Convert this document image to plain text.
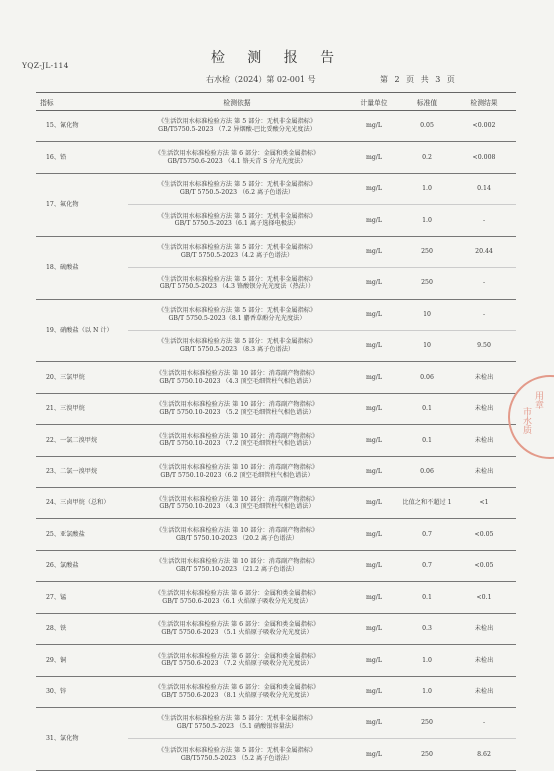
YQZ-JL-114	检 测 报 告
右水检（2024）第 02-001 号	第 2 页 共 3 页
指标	检测依据	计量单位	标准值	检测结果
15、氰化物	《生活饮用水标准检验方法 第 5 部分：无机非金属指标》
GB/T5750.5-2023 （7.2 异烟酸-巴比妥酸分光光度法）	mg/L	0.05	<0.002
16、铅	《生活饮用水标准检验方法 第 6 部分：金属和类金属指标》
GB/T5750.6-2023 （4.1 铬天青 S 分光光度法）	mg/L	0.2	<0.008
17、氟化物	《生活饮用水标准检验方法 第 5 部分：无机非金属指标》
GB/T 5750.5-2023 （6.2 离子色谱法）	mg/L	1.0	0.14

	《生活饮用水标准检验方法 第 5 部分：无机非金属指标》
GB/T 5750.5-2023（6.1 离子选择电极法）	mg/L	1.0	-
18、硫酸盐	《生活饮用水标准检验方法 第 5 部分：无机非金属指标》
GB/T 5750.5-2023（4.2 离子色谱法）	mg/L	250	20.44

	《生活饮用水标准检验方法 第 5 部分：无机非金属指标》
GB/T 5750.5-2023 （4.3 铬酸钡分光光度法（热法））	mg/L	250	-
19、硝酸盐（以 N 计）	《生活饮用水标准检验方法 第 5 部分：无机非金属指标》
GB/T 5750.5-2023（8.1 麝香草酚分光光度法）	mg/L	10	-

	《生活饮用水标准检验方法 第 5 部分：无机非金属指标》
GB/T 5750.5-2023 （8.3 离子色谱法）	mg/L	10	9.50
20、三氯甲烷	《生活饮用水标准检验方法 第 10 部分：消毒副产物指标》
GB/T 5750.10-2023 （4.3 顶空毛细管柱气相色谱法）	mg/L	0.06	未检出
21、三溴甲烷	《生活饮用水标准检验方法 第 10 部分：消毒副产物指标》
GB/T 5750.10-2023 （5.2 顶空毛细管柱气相色谱法）	mg/L	0.1	未检出
22、一氯二溴甲烷	《生活饮用水标准检验方法 第 10 部分：消毒副产物指标》
GB/T 5750.10-2023 （7.2 顶空毛细管柱气相色谱法）	mg/L	0.1	未检出
23、二氯一溴甲烷	《生活饮用水标准检验方法 第 10 部分：消毒副产物指标》
GB/T 5750.10-2023（6.2 顶空毛细管柱气相色谱法）	mg/L	0.06	未检出
24、三卤甲烷（总和）	《生活饮用水标准检验方法 第 10 部分：消毒副产物指标》
GB/T 5750.10-2023 （4.3 顶空毛细管柱气相色谱法）	mg/L	比值之和不超过 1	<1
25、亚氯酸盐	《生活饮用水标准检验方法 第 10 部分：消毒副产物指标》
GB/T 5750.10-2023 （20.2 离子色谱法）	mg/L	0.7	<0.05
26、氯酸盐	《生活饮用水标准检验方法 第 10 部分：消毒副产物指标》
GB/T 5750.10-2023 （21.2 离子色谱法）	mg/L	0.7	<0.05
27、锰	《生活饮用水标准检验方法 第 6 部分：金属和类金属指标》
GB/T 5750.6-2023（6.1 火焰原子吸收分光光度法）	mg/L	0.1	<0.1
28、铁	《生活饮用水标准检验方法 第 6 部分：金属和类金属指标》
GB/T 5750.6-2023 （5.1 火焰原子吸收分光光度法）	mg/L	0.3	未检出
29、铜	《生活饮用水标准检验方法 第 6 部分：金属和类金属指标》
GB/T 5750.6-2023 （7.2 火焰原子吸收分光光度法）	mg/L	1.0	未检出
30、锌	《生活饮用水标准检验方法 第 6 部分：金属和类金属指标》
GB/T 5750.6-2023 （8.1 火焰原子吸收分光光度法）	mg/L	1.0	未检出
31、氯化物	《生活饮用水标准检验方法 第 5 部分：无机非金属指标》
GB/T 5750.5-2023 （5.1 硝酸银容量法）	mg/L	250	-

	《生活饮用水标准检验方法 第 5 部分：无机非金属指标》
GB/T5750.5-2023 （5.2 离子色谱法）	mg/L	250	8.62
用章
市水质
